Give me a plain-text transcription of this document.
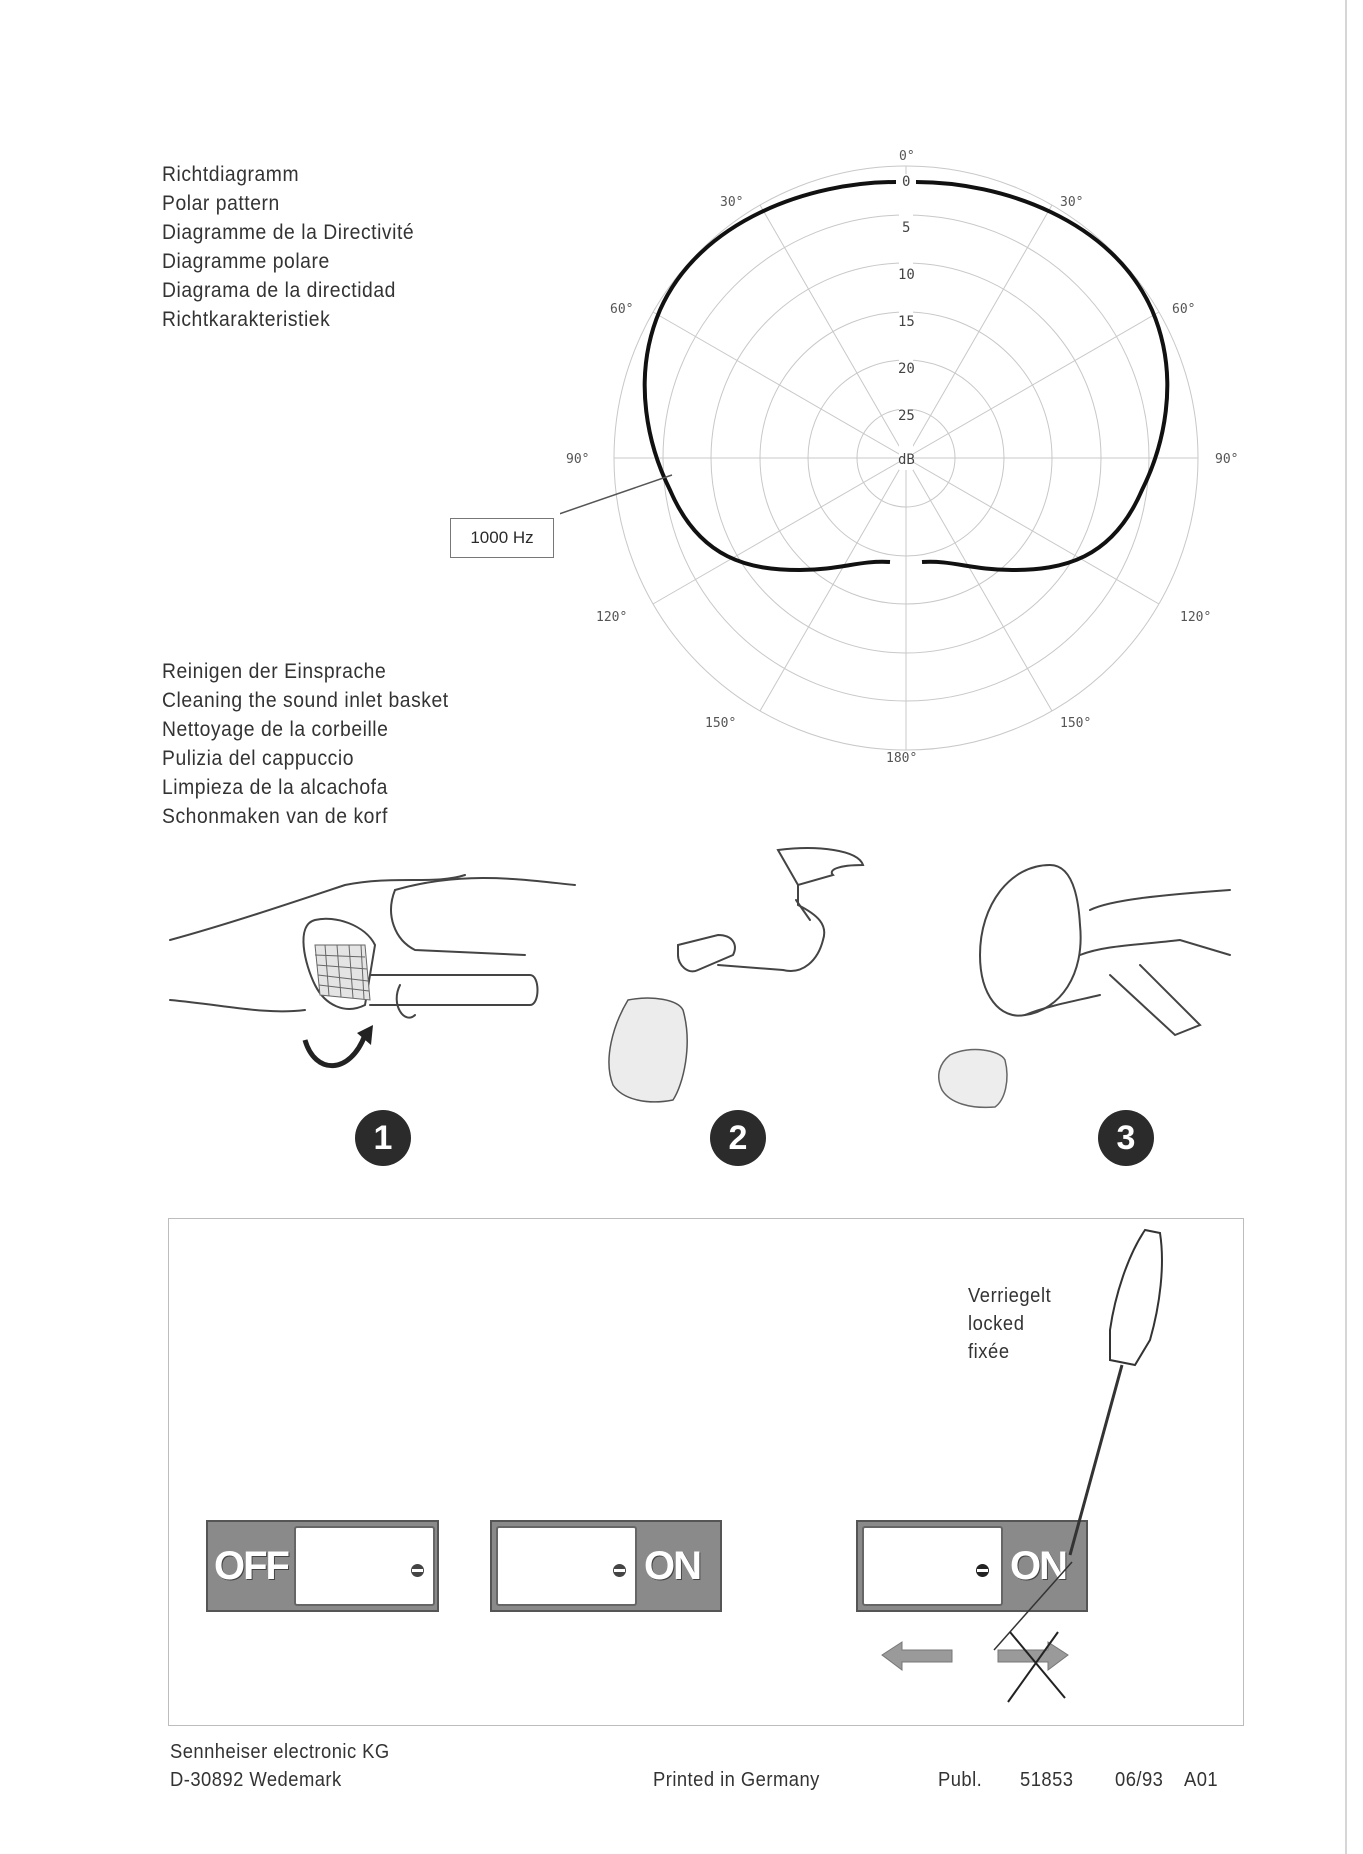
Richtdiagramm
Polar pattern
Diagramme de la Directivité
Diagramme polare
Diagrama de la directidad
Richtkarakteristiek
0°
30°	30°
60°	60°
90°	90°
120°	120°
150°	150°
180°
0
5
10
15
20
25
dB
1000 Hz
Reinigen der Einsprache
Cleaning the sound inlet basket
Nettoyage de la corbeille
Pulizia del cappuccio
Limpieza de la alcachofa
Schonmaken van de korf
1	2	3
OFF	ON	ON
Verriegelt
locked
fixée
Sennheiser electronic KG
D-30892 Wedemark	Printed in Germany	Publ. 51853 06/93 A01
